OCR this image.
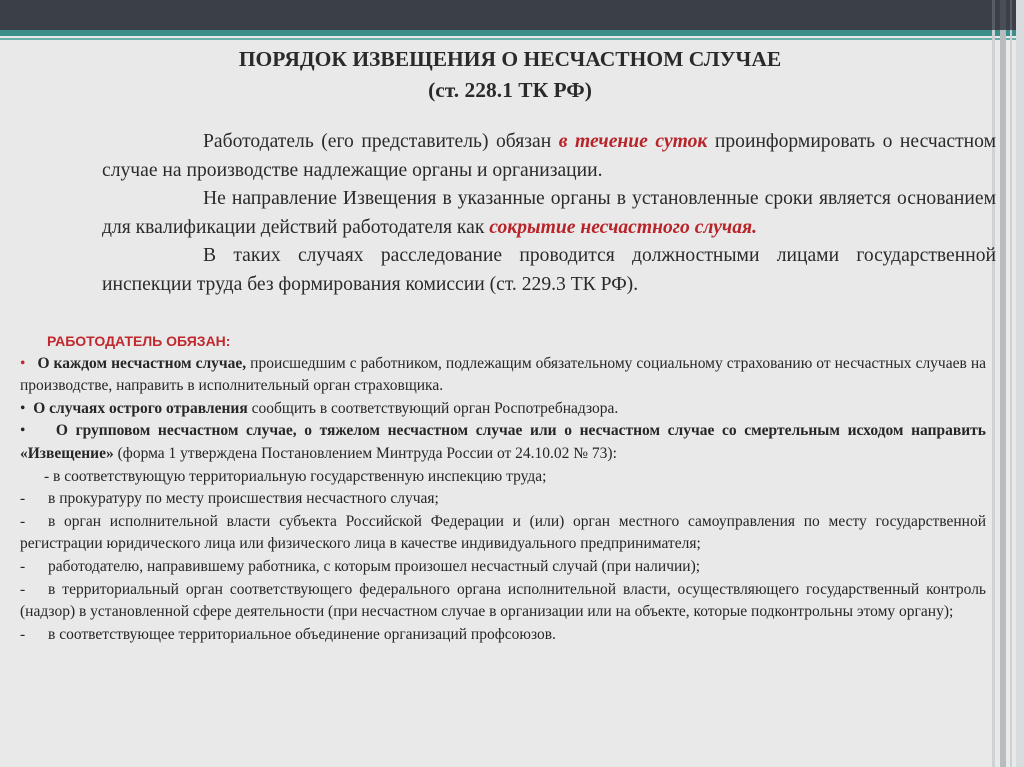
ПОРЯДОК ИЗВЕЩЕНИЯ О НЕСЧАСТНОМ СЛУЧАЕ
(ст. 228.1 ТК РФ)

Работодатель (его представитель) обязан в течение суток проинформировать о несчастном случае на производстве надлежащие органы и организации.

Не направление Извещения в указанные органы в установленные сроки является основанием для квалификации действий работодателя как сокрытие несчастного случая.

В таких случаях расследование проводится должностными лицами государственной инспекции труда без формирования комиссии (ст. 229.3 ТК РФ).

РАБОТОДАТЕЛЬ ОБЯЗАН:

• О каждом несчастном случае, происшедшим с работником, подлежащим обязательному социальному страхованию от несчастных случаев на производстве, направить в исполнительный орган страховщика.

• О случаях острого отравления сообщить в соответствующий орган Роспотребнадзора.

• О групповом несчастном случае, о тяжелом несчастном случае или о несчастном случае со смертельным исходом направить «Извещение» (форма 1 утверждена Постановлением Минтруда России от 24.10.02 № 73):

- в соответствующую территориальную государственную инспекцию труда;

- в прокуратуру по месту происшествия несчастного случая;

- в орган исполнительной власти субъекта Российской Федерации и (или) орган местного самоуправления по месту государственной регистрации юридического лица или физического лица в качестве индивидуального предпринимателя;

- работодателю, направившему работника, с которым произошел несчастный случай (при наличии);

- в территориальный орган соответствующего федерального органа исполнительной власти, осуществляющего государственный контроль (надзор) в установленной сфере деятельности (при несчастном случае в организации или на объекте, которые подконтрольны этому органу);

- в соответствующее территориальное объединение организаций профсоюзов.
